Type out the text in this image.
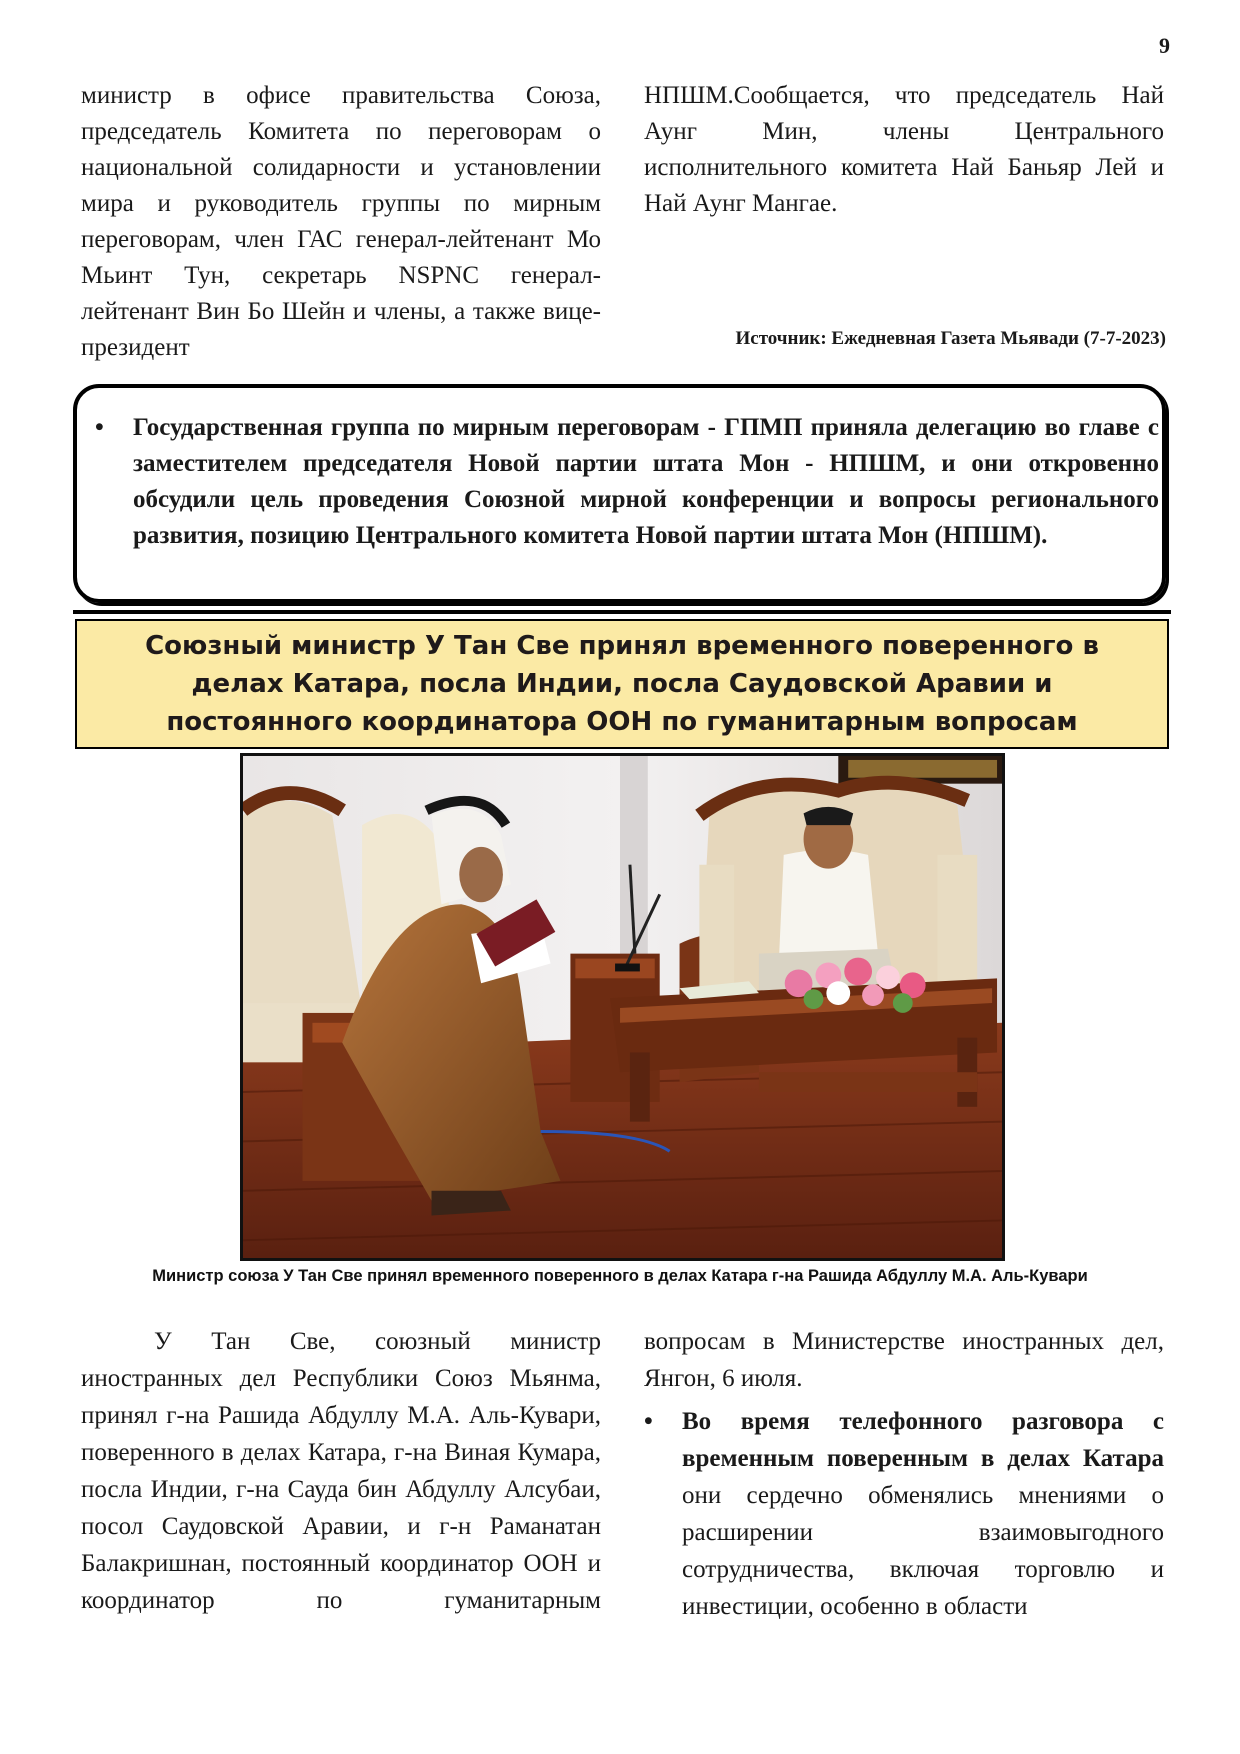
9
министр в офисе правительства Союза, председатель Комитета по переговорам о национальной солидарности и установлении мира и руководитель группы по мирным переговорам, член ГАС генерал-лейтенант Мо Мьинт Тун, секретарь NSPNC генерал-лейтенант Вин Бо Шейн и члены, а также вице-президент
НПШМ.Сообщается, что председатель Най Аунг Мин, члены Центрального исполнительного комитета Най Баньяр Лей и Най Аунг Мангае.
Источник: Ежедневная Газета Мьявади (7-7-2023)
• Государственная группа по мирным переговорам - ГПМП приняла делегацию во главе с заместителем председателя Новой партии штата Мон - НПШМ, и они откровенно обсудили цель проведения Союзной мирной конференции и вопросы регионального развития, позицию Центрального комитета Новой партии штата Мон (НПШМ).
Союзный министр У Тан Све принял временного поверенного в делах Катара, посла Индии, посла Саудовской Аравии и постоянного координатора ООН по гуманитарным вопросам
Министр союза У Тан Све принял временного поверенного в делах Катара г-на Рашида Абдуллу М.А. Аль-Кувари
У Тан Све, союзный министр иностранных дел Республики Союз Мьянма, принял г-на Рашида Абдуллу М.А. Аль-Кувари, поверенного в делах Катара, г-на Виная Кумара, посла Индии, г-на Сауда бин Абдуллу Алсубаи, посол Саудовской Аравии, и г-н Раманатан Балакришнан, постоянный координатор ООН и координатор по гуманитарным
вопросам в Министерстве иностранных дел, Янгон, 6 июля.
• Во время телефонного разговора с временным поверенным в делах Катара они сердечно обменялись мнениями о расширении взаимовыгодного сотрудничества, включая торговлю и инвестиции, особенно в области
